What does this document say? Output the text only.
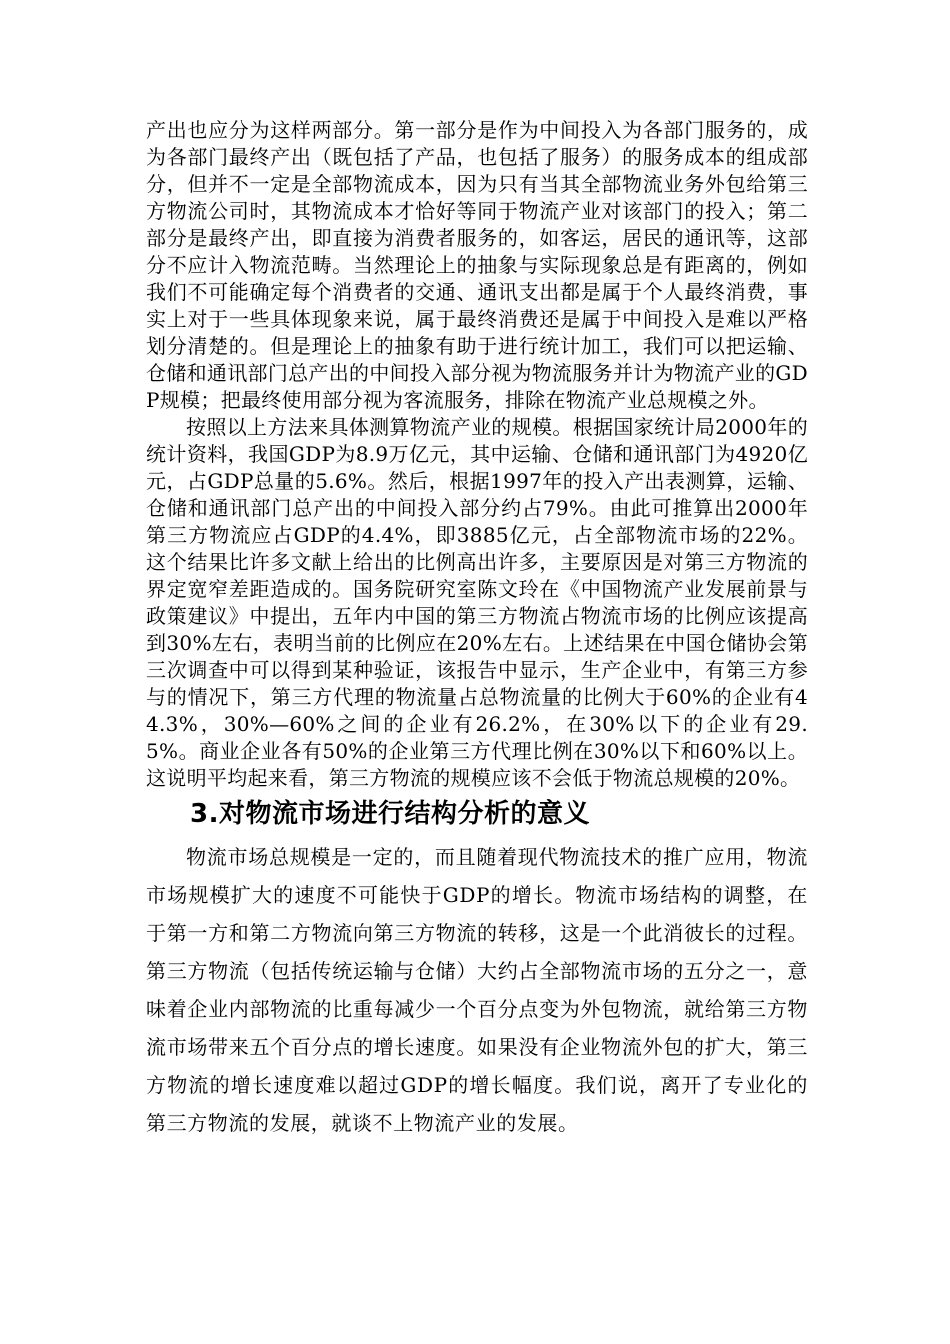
产出也应分为这样两部分。第一部分是作为中间投入为各部门服务的，成为各部门最终产出（既包括了产品，也包括了服务）的服务成本的组成部分，但并不一定是全部物流成本，因为只有当其全部物流业务外包给第三方物流公司时，其物流成本才恰好等同于物流产业对该部门的投入；第二部分是最终产出，即直接为消费者服务的，如客运，居民的通讯等，这部分不应计入物流范畴。当然理论上的抽象与实际现象总是有距离的，例如我们不可能确定每个消费者的交通、通讯支出都是属于个人最终消费，事实上对于一些具体现象来说，属于最终消费还是属于中间投入是难以严格划分清楚的。但是理论上的抽象有助于进行统计加工，我们可以把运输、仓储和通讯部门总产出的中间投入部分视为物流服务并计为物流产业的GDP规模；把最终使用部分视为客流服务，排除在物流产业总规模之外。

按照以上方法来具体测算物流产业的规模。根据国家统计局2000年的统计资料，我国GDP为8.9万亿元，其中运输、仓储和通讯部门为4920亿元，占GDP总量的5.6%。然后，根据1997年的投入产出表测算，运输、仓储和通讯部门总产出的中间投入部分约占79%。由此可推算出2000年第三方物流应占GDP的4.4%，即3885亿元，占全部物流市场的22%。这个结果比许多文献上给出的比例高出许多，主要原因是对第三方物流的界定宽窄差距造成的。国务院研究室陈文玲在《中国物流产业发展前景与政策建议》中提出，五年内中国的第三方物流占物流市场的比例应该提高到30%左右，表明当前的比例应在20%左右。上述结果在中国仓储协会第三次调查中可以得到某种验证，该报告中显示，生产企业中，有第三方参与的情况下，第三方代理的物流量占总物流量的比例大于60%的企业有44.3%，30%—60%之间的企业有26.2%，在30%以下的企业有29.5%。商业企业各有50%的企业第三方代理比例在30%以下和60%以上。这说明平均起来看，第三方物流的规模应该不会低于物流总规模的20%。

3.对物流市场进行结构分析的意义

物流市场总规模是一定的，而且随着现代物流技术的推广应用，物流市场规模扩大的速度不可能快于GDP的增长。物流市场结构的调整，在于第一方和第二方物流向第三方物流的转移，这是一个此消彼长的过程。第三方物流（包括传统运输与仓储）大约占全部物流市场的五分之一，意味着企业内部物流的比重每减少一个百分点变为外包物流，就给第三方物流市场带来五个百分点的增长速度。如果没有企业物流外包的扩大，第三方物流的增长速度难以超过GDP的增长幅度。我们说，离开了专业化的第三方物流的发展，就谈不上物流产业的发展。
